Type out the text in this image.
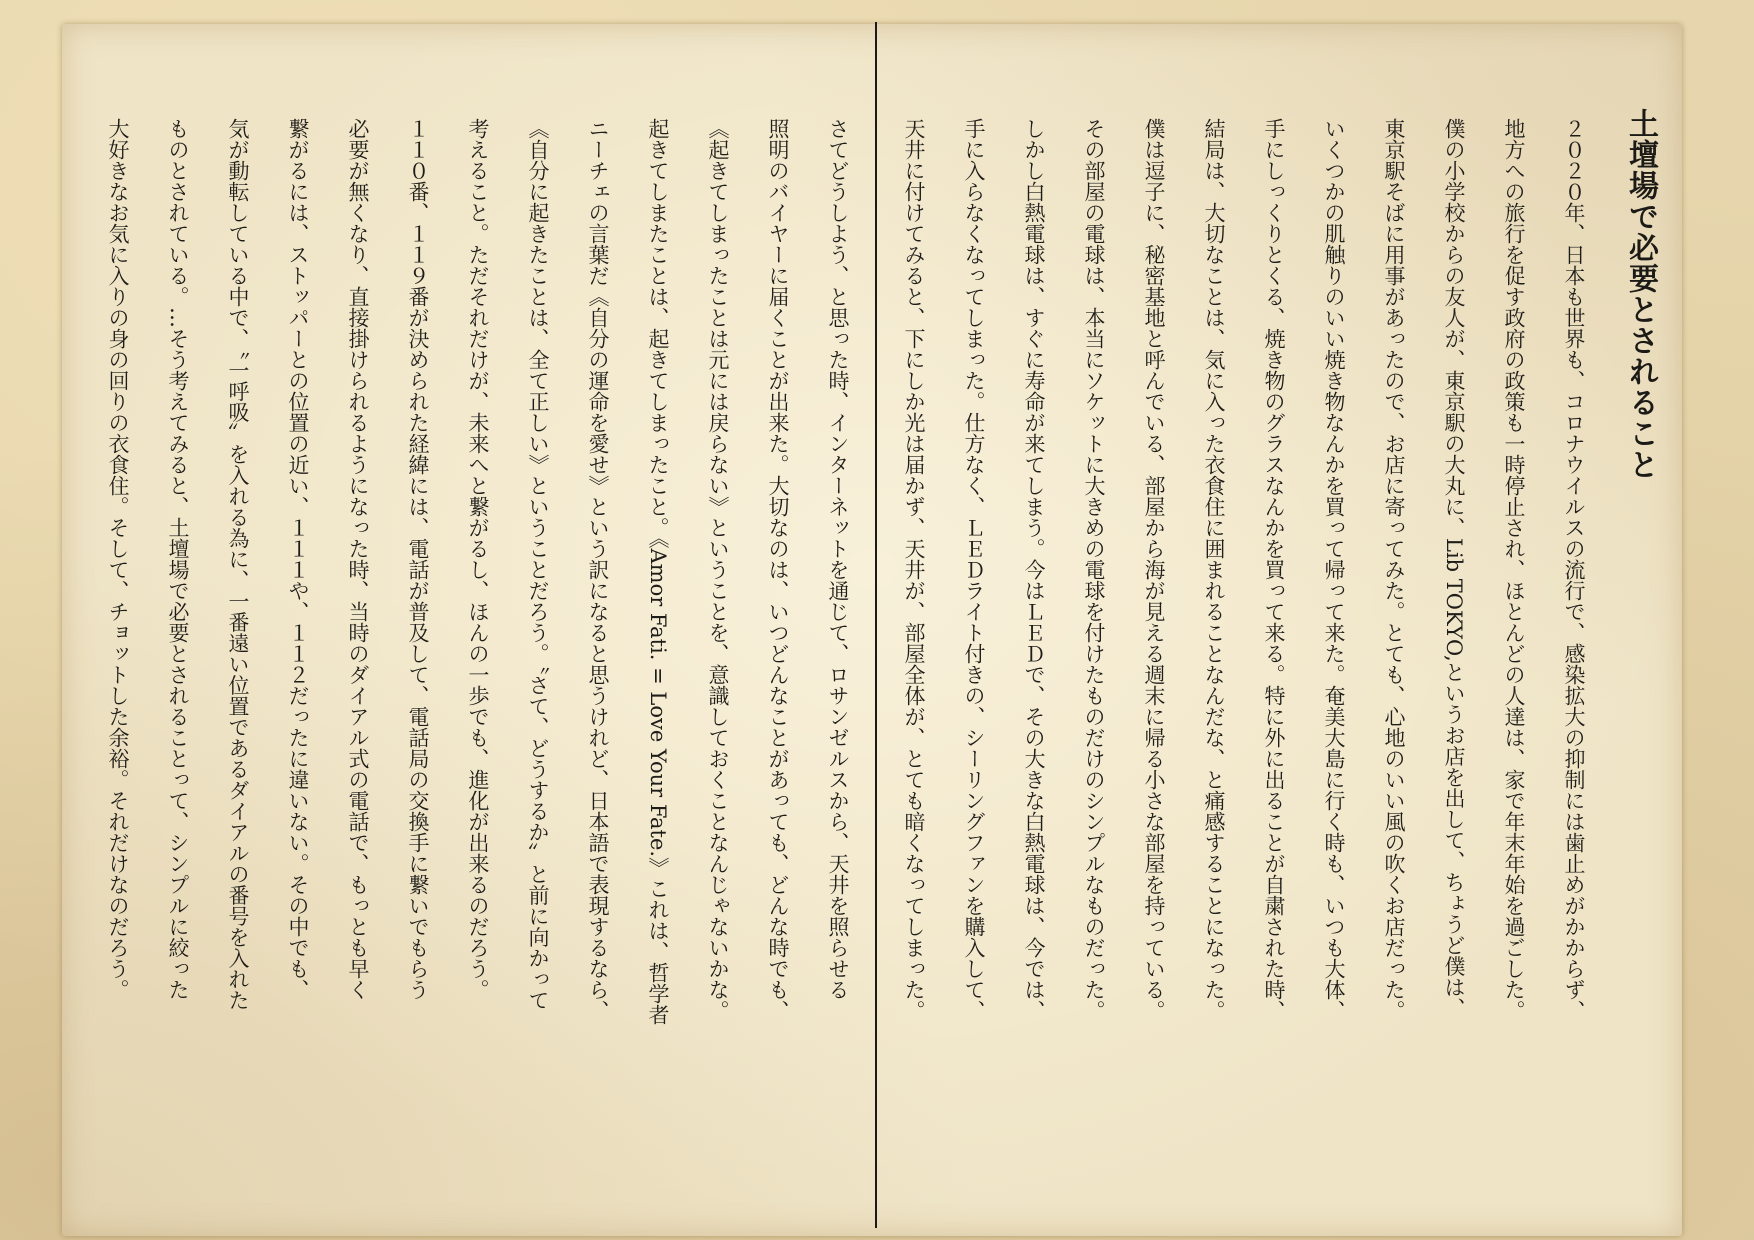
土壇場で必要とされること

２０２０年、日本も世界も、コロナウイルスの流行で、感染拡大の抑制には歯止めがかからず、

地方への旅行を促す政府の政策も一時停止され、ほとんどの人達は、家で年末年始を過ごした。

僕の小学校からの友人が、東京駅の大丸に、Lib TOKYO,というお店を出して、ちょうど僕は、

東京駅そばに用事があったので、お店に寄ってみた。とても、心地のいい風の吹くお店だった。

いくつかの肌触りのいい焼き物なんかを買って帰って来た。奄美大島に行く時も、いつも大体、

手にしっくりとくる、焼き物のグラスなんかを買って来る。特に外に出ることが自粛された時、

結局は、大切なことは、気に入った衣食住に囲まれることなんだな、と痛感することになった。

僕は逗子に、秘密基地と呼んでいる、部屋から海が見える週末に帰る小さな部屋を持っている。

その部屋の電球は、本当にソケットに大きめの電球を付けたものだけのシンプルなものだった。

しかし白熱電球は、すぐに寿命が来てしまう。今はＬＥＤで、その大きな白熱電球は、今では、

手に入らなくなってしまった。仕方なく、ＬＥＤライト付きの、シーリングファンを購入して、

天井に付けてみると、下にしか光は届かず、天井が、部屋全体が、とても暗くなってしまった。

さてどうしよう、と思った時、インターネットを通じて、ロサンゼルスから、天井を照らせる

照明のバイヤーに届くことが出来た。大切なのは、いつどんなことがあっても、どんな時でも、

《起きてしまったことは元には戻らない》ということを、意識しておくことなんじゃないかな。

起きてしまたことは、起きてしまったこと。《Amor Fati. = Love Your Fate.》これは、哲学者

ニーチェの言葉だ《自分の運命を愛せ》という訳になると思うけれど、日本語で表現するなら、

《自分に起きたことは、全て正しい》ということだろう。〝さて、どうするか〟と前に向かって

考えること。ただそれだけが、未来へと繋がるし、ほんの一歩でも、進化が出来るのだろう。

１１０番、１１９番が決められた経緯には、電話が普及して、電話局の交換手に繋いでもらう

必要が無くなり、直接掛けられるようになった時、当時のダイアル式の電話で、もっとも早く

繋がるには、ストッパーとの位置の近い、１１１や、１１２だったに違いない。その中でも、

気が動転している中で、〝一呼吸〟を入れる為に、一番遠い位置であるダイアルの番号を入れた

ものとされている。…そう考えてみると、土壇場で必要とされることって、シンプルに絞った

大好きなお気に入りの身の回りの衣食住。そして、チョットした余裕。それだけなのだろう。
